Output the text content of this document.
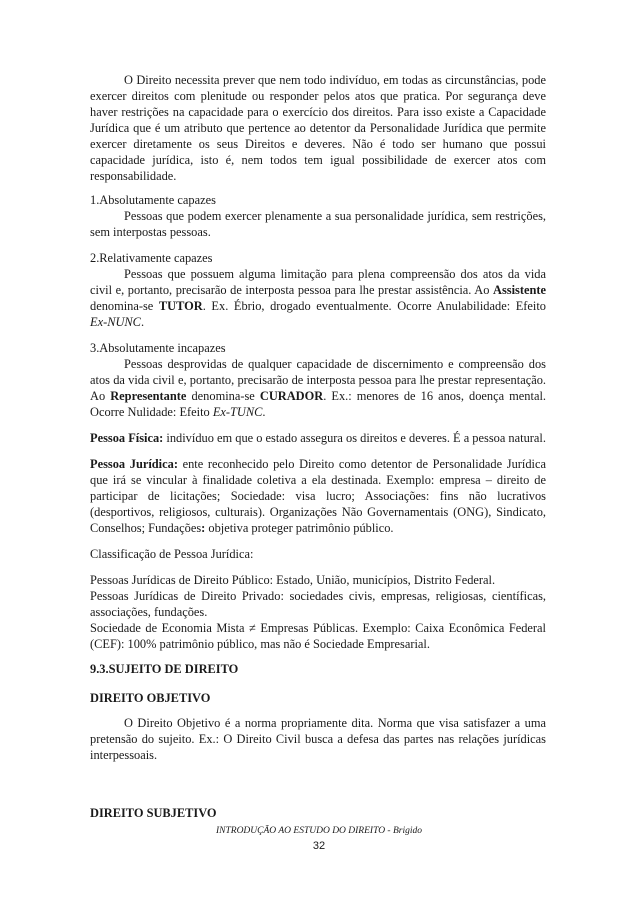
O Direito necessita prever que nem todo indivíduo, em todas as circunstâncias, pode exercer direitos com plenitude ou responder pelos atos que pratica. Por segurança deve haver restrições na capacidade para o exercício dos direitos. Para isso existe a Capacidade Jurídica que é um atributo que pertence ao detentor da Personalidade Jurídica que permite exercer diretamente os seus Direitos e deveres. Não é todo ser humano que possui capacidade jurídica, isto é, nem todos tem igual possibilidade de exercer atos com responsabilidade.

1.Absolutamente capazes

Pessoas que podem exercer plenamente a sua personalidade jurídica, sem restrições, sem interpostas pessoas.

2.Relativamente capazes

Pessoas que possuem alguma limitação para plena compreensão dos atos da vida civil e, portanto, precisarão de interposta pessoa para lhe prestar assistência. Ao Assistente denomina-se TUTOR. Ex. Ébrio, drogado eventualmente. Ocorre Anulabilidade: Efeito Ex-NUNC.

3.Absolutamente incapazes

Pessoas desprovidas de qualquer capacidade de discernimento e compreensão dos atos da vida civil e, portanto, precisarão de interposta pessoa para lhe prestar representação. Ao Representante denomina-se CURADOR. Ex.: menores de 16 anos, doença mental. Ocorre Nulidade: Efeito Ex-TUNC.

Pessoa Física: indivíduo em que o estado assegura os direitos e deveres. É a pessoa natural.

Pessoa Jurídica: ente reconhecido pelo Direito como detentor de Personalidade Jurídica que irá se vincular à finalidade coletiva a ela destinada. Exemplo: empresa – direito de participar de licitações; Sociedade: visa lucro; Associações: fins não lucrativos (desportivos, religiosos, culturais). Organizações Não Governamentais (ONG), Sindicato, Conselhos; Fundações: objetiva proteger patrimônio público.

Classificação de Pessoa Jurídica:

Pessoas Jurídicas de Direito Público: Estado, União, municípios, Distrito Federal.

Pessoas Jurídicas de Direito Privado: sociedades civis, empresas, religiosas, científicas, associações, fundações.

Sociedade de Economia Mista ≠ Empresas Públicas. Exemplo: Caixa Econômica Federal (CEF): 100% patrimônio público, mas não é Sociedade Empresarial.

9.3.SUJEITO DE DIREITO

DIREITO OBJETIVO

O Direito Objetivo é a norma propriamente dita. Norma que visa satisfazer a uma pretensão do sujeito. Ex.: O Direito Civil busca a defesa das partes nas relações jurídicas interpessoais.

DIREITO SUBJETIVO

INTRODUÇÃO AO ESTUDO DO DIREITO - Brigido
32
